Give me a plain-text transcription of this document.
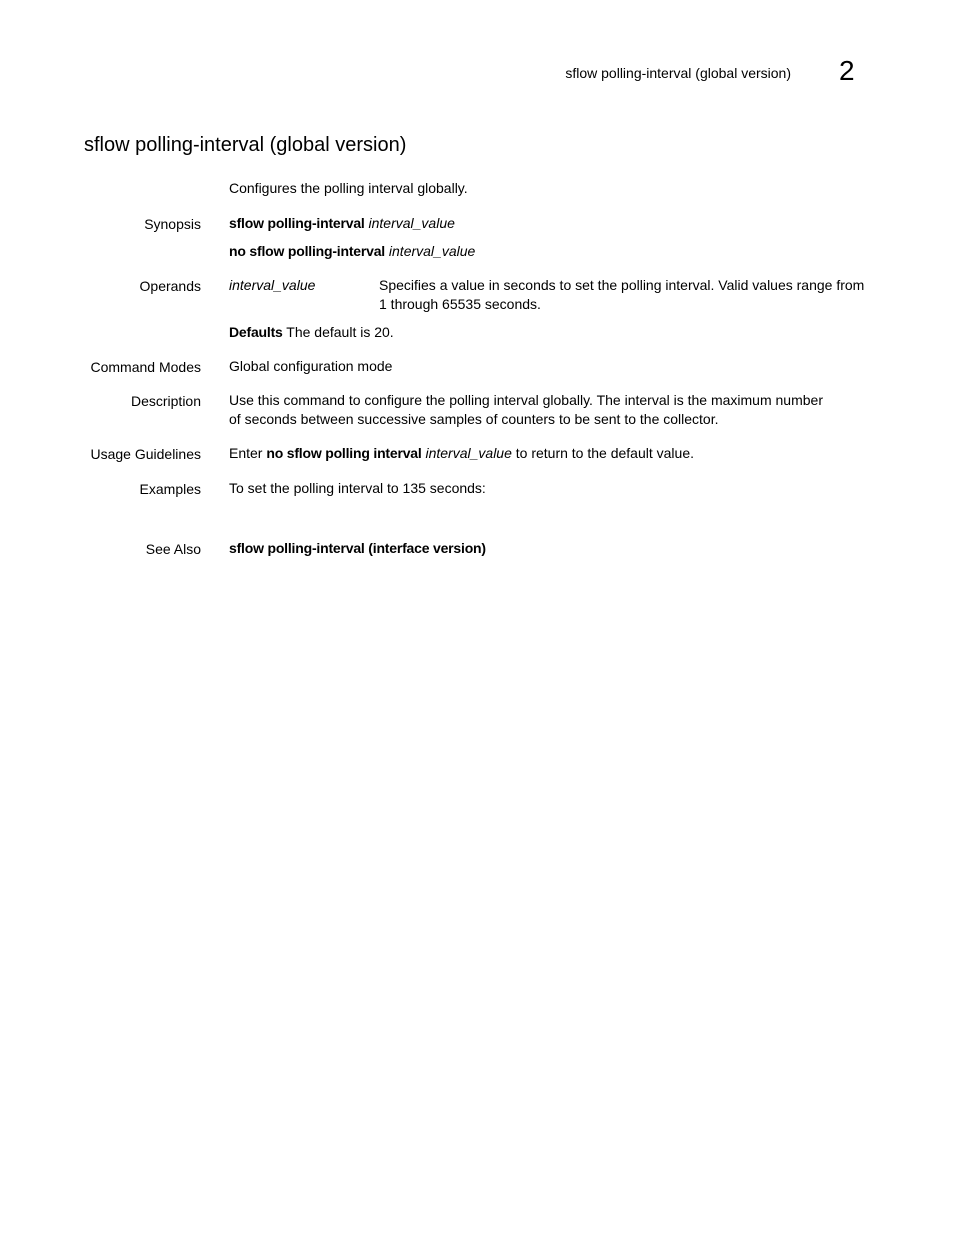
sflow polling-interval (global version) 2
sflow polling-interval (global version)
Configures the polling interval globally.
Synopsis sflow polling-interval interval_value
no sflow polling-interval interval_value
Operands interval_value	Specifies a value in seconds to set the polling interval. Valid values range from 1 through 65535 seconds.
Defaults The default is 20.
Command Modes Global configuration mode
Description Use this command to configure the polling interval globally. The interval is the maximum number
of seconds between successive samples of counters to be sent to the collector.
Usage Guidelines Enter no sflow polling interval interval_value to return to the default value.
Examples To set the polling interval to 135 seconds:
See Also sflow polling-interval (interface version)
